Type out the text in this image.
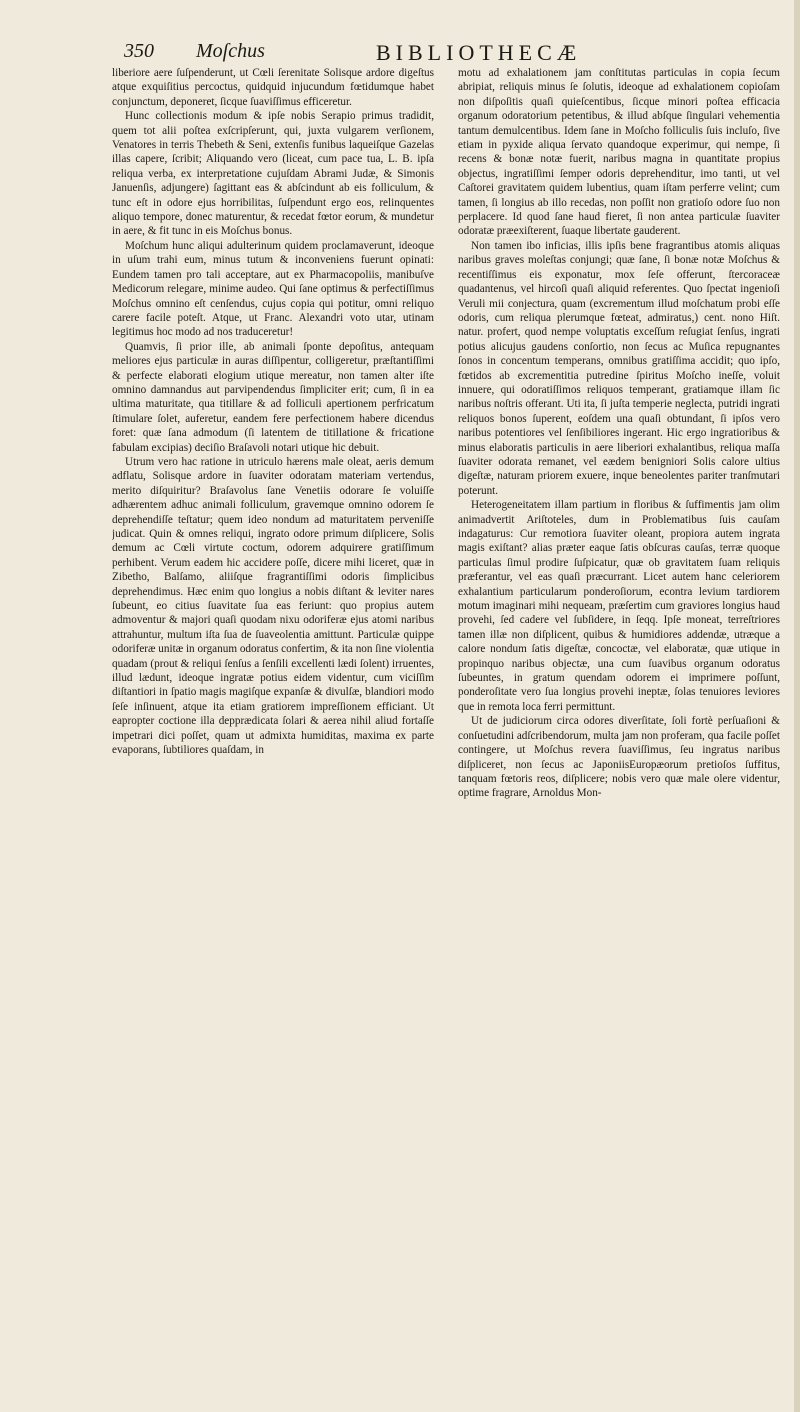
350 Moſchus	BIBLIOTHECÆ

liberiore aere ſuſpenderunt, ut Cœli ſerenitate Solisque ardore digeſtus atque exquiſitius percoctus, quidquid injucundum fœtidumque habet conjunctum, deponeret, ſicque ſuaviſſimus efficeretur.

Hunc collectionis modum & ipſe nobis Serapio primus tradidit, quem tot alii poſtea exſcripſerunt, qui, juxta vulgarem verſionem, Venatores in terris Thebeth & Seni, extenſis funibus laqueiſque Gazelas illas capere, ſcribit; Aliquando vero (liceat, cum pace tua, L. B. ipſa reliqua verba, ex interpretatione cujuſdam Abrami Judæ, & Simonis Januenſis, adjungere) ſagittant eas & abſcindunt ab eis folliculum, & tunc eſt in odore ejus horribilitas, ſuſpendunt ergo eos, relinquentes aliquo tempore, donec maturentur, & recedat fœtor eorum, & mundetur in aere, & fit tunc in eis Moſchus bonus.

Moſchum hunc aliqui adulterinum quidem proclamaverunt, ideoque in uſum trahi eum, minus tutum & inconveniens fuerunt opinati: Eundem tamen pro tali acceptare, aut ex Pharmacopoliis, manibuſve Medicorum relegare, minime audeo. Qui ſane optimus & perfectiſſimus Moſchus omnino eſt cenſendus, cujus copia qui potitur, omni reliquo carere facile poteſt. Atque, ut Franc. Alexandri voto utar, utinam legitimus hoc modo ad nos traduceretur!

Quamvis, ſi prior ille, ab animali ſponte depoſitus, antequam meliores ejus particulæ in auras diſſipentur, colligeretur, præſtantiſſimi & perfecte elaborati elogium utique mereatur, non tamen alter iſte omnino damnandus aut parvipendendus ſimpliciter erit; cum, ſi in ea ultima maturitate, qua titillare & ad folliculi apertionem perfricatum ſtimulare ſolet, auferetur, eandem fere perfectionem habere dicendus foret: quæ ſana admodum (ſi latentem de titillatione & fricatione fabulam excipias) deciſio Braſavoli notari utique hic debuit.

Utrum vero hac ratione in utriculo hærens male oleat, aeris demum adflatu, Solisque ardore in ſuaviter odoratam materiam vertendus, merito diſquiritur? Braſavolus ſane Venetiis odorare ſe voluiſſe adhærentem adhuc animali folliculum, gravemque omnino odorem ſe deprehendiſſe teſtatur; quem ideo nondum ad maturitatem perveniſſe judicat. Quin & omnes reliqui, ingrato odore primum diſplicere, Solis demum ac Cœli virtute coctum, odorem adquirere gratiſſimum perhibent. Verum eadem hic accidere poſſe, dicere mihi liceret, quæ in Zibetho, Balſamo, aliiſque fragrantiſſimi odoris ſimplicibus deprehendimus. Hæc enim quo longius a nobis diſtant & leviter nares ſubeunt, eo citius ſuavitate ſua eas feriunt: quo propius autem admoventur & majori quaſi quodam nixu odoriferæ ejus atomi naribus attrahuntur, multum iſta ſua de ſuaveolentia amittunt. Particulæ quippe odoriferæ unitæ in organum odoratus confertim, & ita non ſine violentia quadam (prout & reliqui ſenſus a ſenſili excellenti lædi ſolent) irruentes, illud lædunt, ideoque ingratæ potius eidem videntur, cum viciſſim diſtantiori in ſpatio magis magiſque expanſæ & divulſæ, blandiori modo ſeſe inſinuent, atque ita etiam gratiorem impreſſionem efficiant. Ut eapropter coctione illa depprædicata ſolari & aerea nihil aliud fortaſſe impetrari dici poſſet, quam ut admixta humiditas, maxima ex parte evaporans, ſubtiliores quaſdam, in

motu ad exhalationem jam conſtitutas particulas in copia ſecum abripiat, reliquis minus ſe ſolutis, ideoque ad exhalationem copioſam non diſpoſitis quaſi quieſcentibus, ſicque minori poſtea efficacia organum odoratorium petentibus, & illud abſque ſingulari vehementia tantum demulcentibus. Idem ſane in Moſcho folliculis ſuis incluſo, ſive etiam in pyxide aliqua ſervato quandoque experimur, qui nempe, ſi recens & bonæ notæ fuerit, naribus magna in quantitate propius objectus, ingratiſſimi ſemper odoris deprehenditur, imo tanti, ut vel Caſtorei gravitatem quidem lubentius, quam iſtam perferre velint; cum tamen, ſi longius ab illo recedas, non poſſit non gratioſo odore ſuo non perplacere. Id quod ſane haud fieret, ſi non antea particulæ ſuaviter odoratæ præexiſterent, ſuaque libertate gauderent.

Non tamen ibo inficias, illis ipſis bene fragrantibus atomis aliquas naribus graves moleſtas conjungi; quæ ſane, ſi bonæ notæ Moſchus & recentiſſimus eis exponatur, mox ſeſe offerunt, ſtercoraceæ quadantenus, vel hircoſi quaſi aliquid referentes. Quo ſpectat ingenioſi Veruli mii conjectura, quam (excrementum illud moſchatum probi eſſe odoris, cum reliqua plerumque fœteat, admiratus,) cent. nono Hiſt. natur. profert, quod nempe voluptatis exceſſum reſugiat ſenſus, ingrati potius alicujus gaudens conſortio, non ſecus ac Muſica repugnantes ſonos in concentum temperans, omnibus gratiſſima accidit; quo ipſo, fœtidos ab excrementitia putredine ſpiritus Moſcho ineſſe, voluit innuere, qui odoratiſſimos reliquos temperant, gratiamque illam ſic naribus noſtris offerant. Uti ita, ſi juſta temperie neglecta, putridi ingrati reliquos bonos ſuperent, eoſdem una quaſi obtundant, ſi ipſos vero naribus potentiores vel ſenſibiliores ingerant. Hic ergo ingratioribus & minus elaboratis particulis in aere liberiori exhalantibus, reliqua maſſa ſuaviter odorata remanet, vel eædem benigniori Solis calore ultius digeſtæ, naturam priorem exuere, inque beneolentes pariter tranſmutari poterunt.

Heterogeneitatem illam partium in floribus & ſuffimentis jam olim animadvertit Ariſtoteles, dum in Problematibus ſuis cauſam indagaturus: Cur remotiora ſuaviter oleant, propiora autem ingrata magis exiſtant? alias præter eaque ſatis obſcuras cauſas, terræ quoque particulas ſimul prodire ſuſpicatur, quæ ob gravitatem ſuam reliquis præferantur, vel eas quaſi præcurrant. Licet autem hanc celeriorem exhalantium particularum ponderoſiorum, econtra levium tardiorem motum imaginari mihi nequeam, præſertim cum graviores longius haud provehi, ſed cadere vel ſubſidere, in ſeqq. Ipſe moneat, terreſtriores tamen illæ non diſplicent, quibus & humidiores addendæ, utræque a calore nondum ſatis digeſtæ, concoctæ, vel elaboratæ, quæ utique in propinquo naribus objectæ, una cum ſuavibus organum odoratus ſubeuntes, in gratum quendam odorem ei imprimere poſſunt, ponderoſitate vero ſua longius provehi ineptæ, ſolas tenuiores leviores que in remota loca ferri permittunt.

Ut de judiciorum circa odores diverſitate, ſoli fortè perſuaſioni & conſuetudini adſcribendorum, multa jam non proferam, qua facile poſſet contingere, ut Moſchus revera ſuaviſſimus, ſeu ingratus naribus diſpliceret, non ſecus ac JaponiisEuropæorum pretioſos ſuffitus, tanquam fœtoris reos, diſplicere; nobis vero quæ male olere videntur, optime fragrare, Arnoldus Mon-
